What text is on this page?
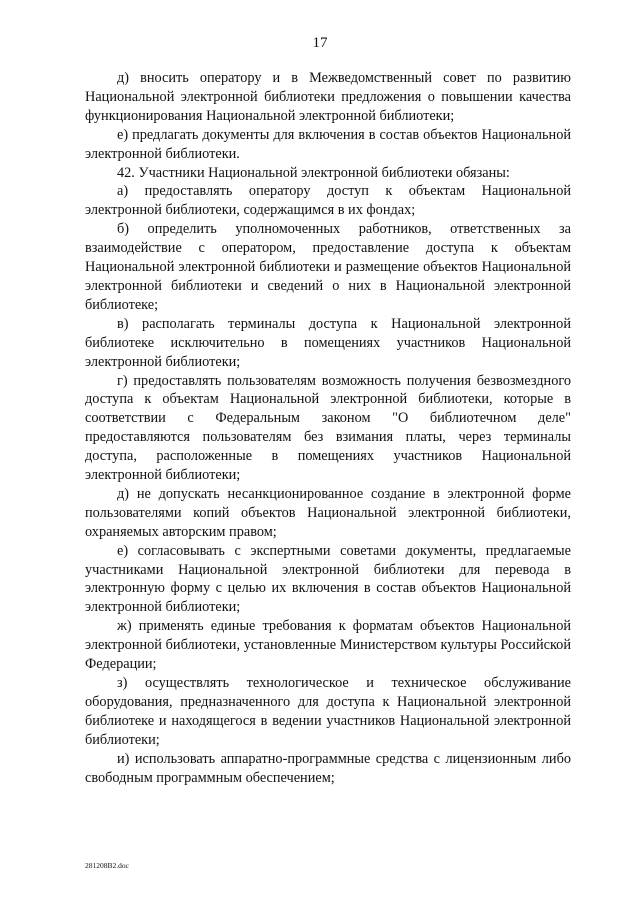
17

д) вносить оператору и в Межведомственный совет по развитию Национальной электронной библиотеки предложения о повышении качества функционирования Национальной электронной библиотеки;

е) предлагать документы для включения в состав объектов Национальной электронной библиотеки.

42. Участники Национальной электронной библиотеки обязаны:

а) предоставлять оператору доступ к объектам Национальной электронной библиотеки, содержащимся в их фондах;

б) определить уполномоченных работников, ответственных за взаимодействие с оператором, предоставление доступа к объектам Национальной электронной библиотеки и размещение объектов Национальной электронной библиотеки и сведений о них в Национальной электронной библиотеке;

в) располагать терминалы доступа к Национальной электронной библиотеке исключительно в помещениях участников Национальной электронной библиотеки;

г) предоставлять пользователям возможность получения безвозмездного доступа к объектам Национальной электронной библиотеки, которые в соответствии с Федеральным законом "О библиотечном деле" предоставляются пользователям без взимания платы, через терминалы доступа, расположенные в помещениях участников Национальной электронной библиотеки;

д) не допускать несанкционированное создание в электронной форме пользователями копий объектов Национальной электронной библиотеки, охраняемых авторским правом;

е) согласовывать с экспертными советами документы, предлагаемые участниками Национальной электронной библиотеки для перевода в электронную форму с целью их включения в состав объектов Национальной электронной библиотеки;

ж) применять единые требования к форматам объектов Национальной электронной библиотеки, установленные Министерством культуры Российской Федерации;

з) осуществлять технологическое и техническое обслуживание оборудования, предназначенного для доступа к Национальной электронной библиотеке и находящегося в ведении участников Национальной электронной библиотеки;

и) использовать аппаратно-программные средства с лицензионным либо свободным программным обеспечением;

281208В2.doc
